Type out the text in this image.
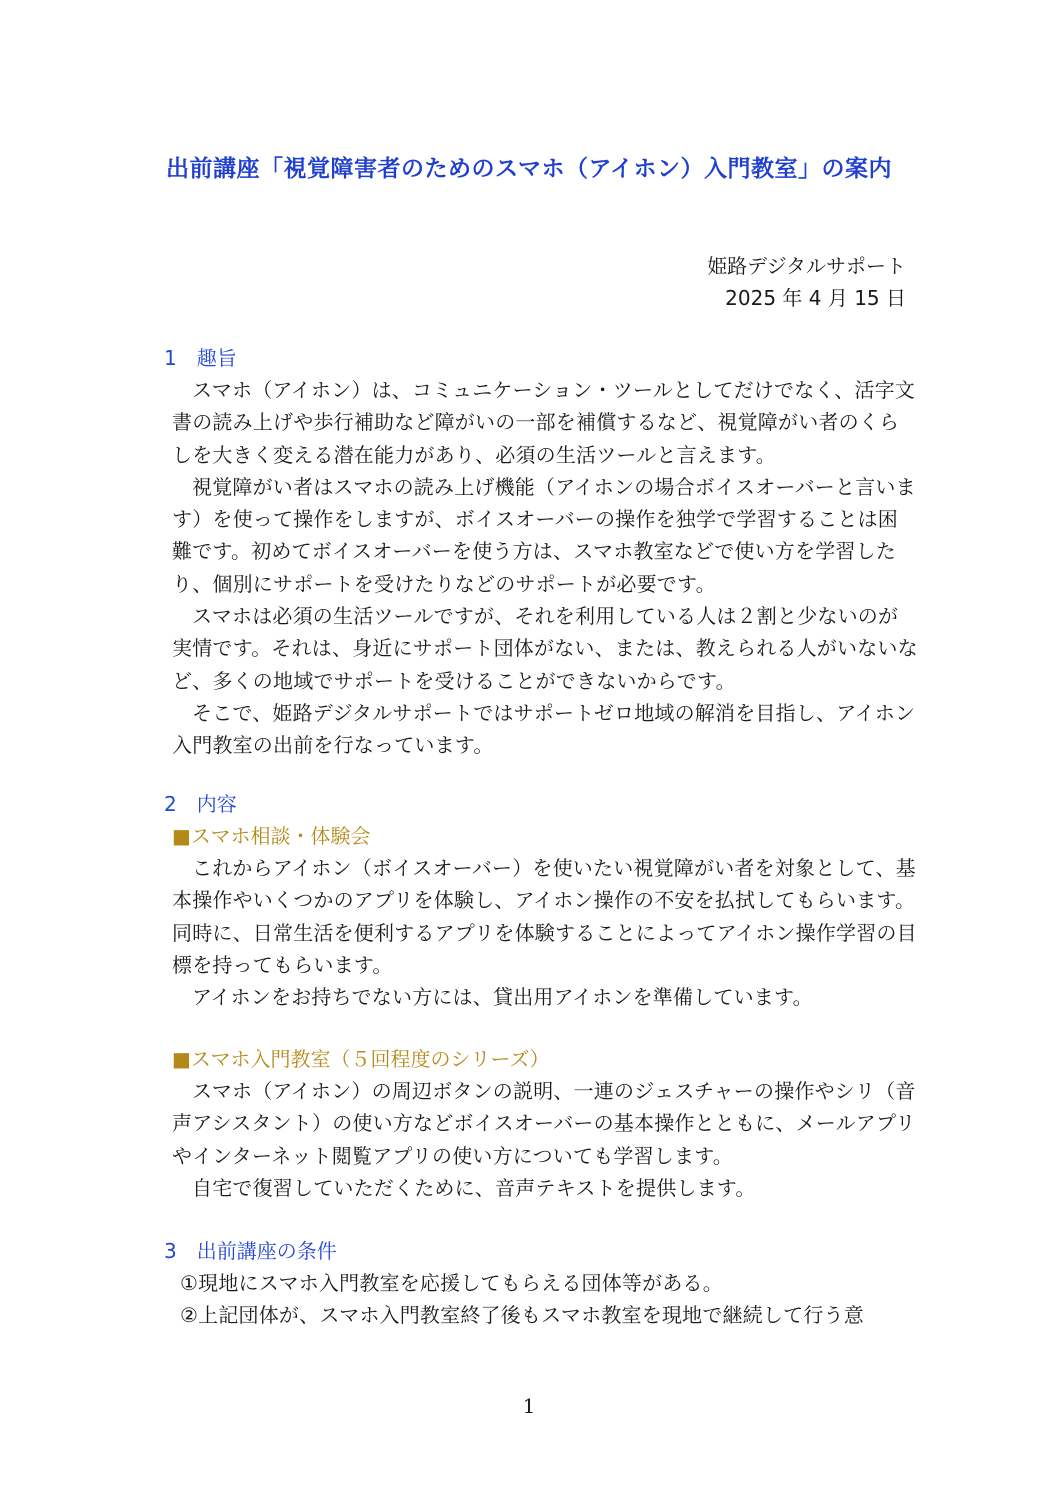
出前講座「視覚障害者のためのスマホ（アイホン）入門教室」の案内
姫路デジタルサポート
2025 年 4 月 15 日
1　趣旨

スマホ（アイホン）は、コミュニケーション・ツールとしてだけでなく、活字文書の読み上げや歩行補助など障がいの一部を補償するなど、視覚障がい者のくらしを大きく変える潜在能力があり、必須の生活ツールと言えます。

視覚障がい者はスマホの読み上げ機能（アイホンの場合ボイスオーバーと言います）を使って操作をしますが、ボイスオーバーの操作を独学で学習することは困難です。初めてボイスオーバーを使う方は、スマホ教室などで使い方を学習したり、個別にサポートを受けたりなどのサポートが必要です。

スマホは必須の生活ツールですが、それを利用している人は２割と少ないのが実情です。それは、身近にサポート団体がない、または、教えられる人がいないなど、多くの地域でサポートを受けることができないからです。

そこで、姫路デジタルサポートではサポートゼロ地域の解消を目指し、アイホン入門教室の出前を行なっています。

2　内容
■スマホ相談・体験会

これからアイホン（ボイスオーバー）を使いたい視覚障がい者を対象として、基本操作やいくつかのアプリを体験し、アイホン操作の不安を払拭してもらいます。同時に、日常生活を便利するアプリを体験することによってアイホン操作学習の目標を持ってもらいます。

アイホンをお持ちでない方には、貸出用アイホンを準備しています。

■スマホ入門教室（５回程度のシリーズ）

スマホ（アイホン）の周辺ボタンの説明、一連のジェスチャーの操作やシリ（音声アシスタント）の使い方などボイスオーバーの基本操作とともに、メールアプリやインターネット閲覧アプリの使い方についても学習します。

自宅で復習していただくために、音声テキストを提供します。

3　出前講座の条件

①現地にスマホ入門教室を応援してもらえる団体等がある。

②上記団体が、スマホ入門教室終了後もスマホ教室を現地で継続して行う意

1
